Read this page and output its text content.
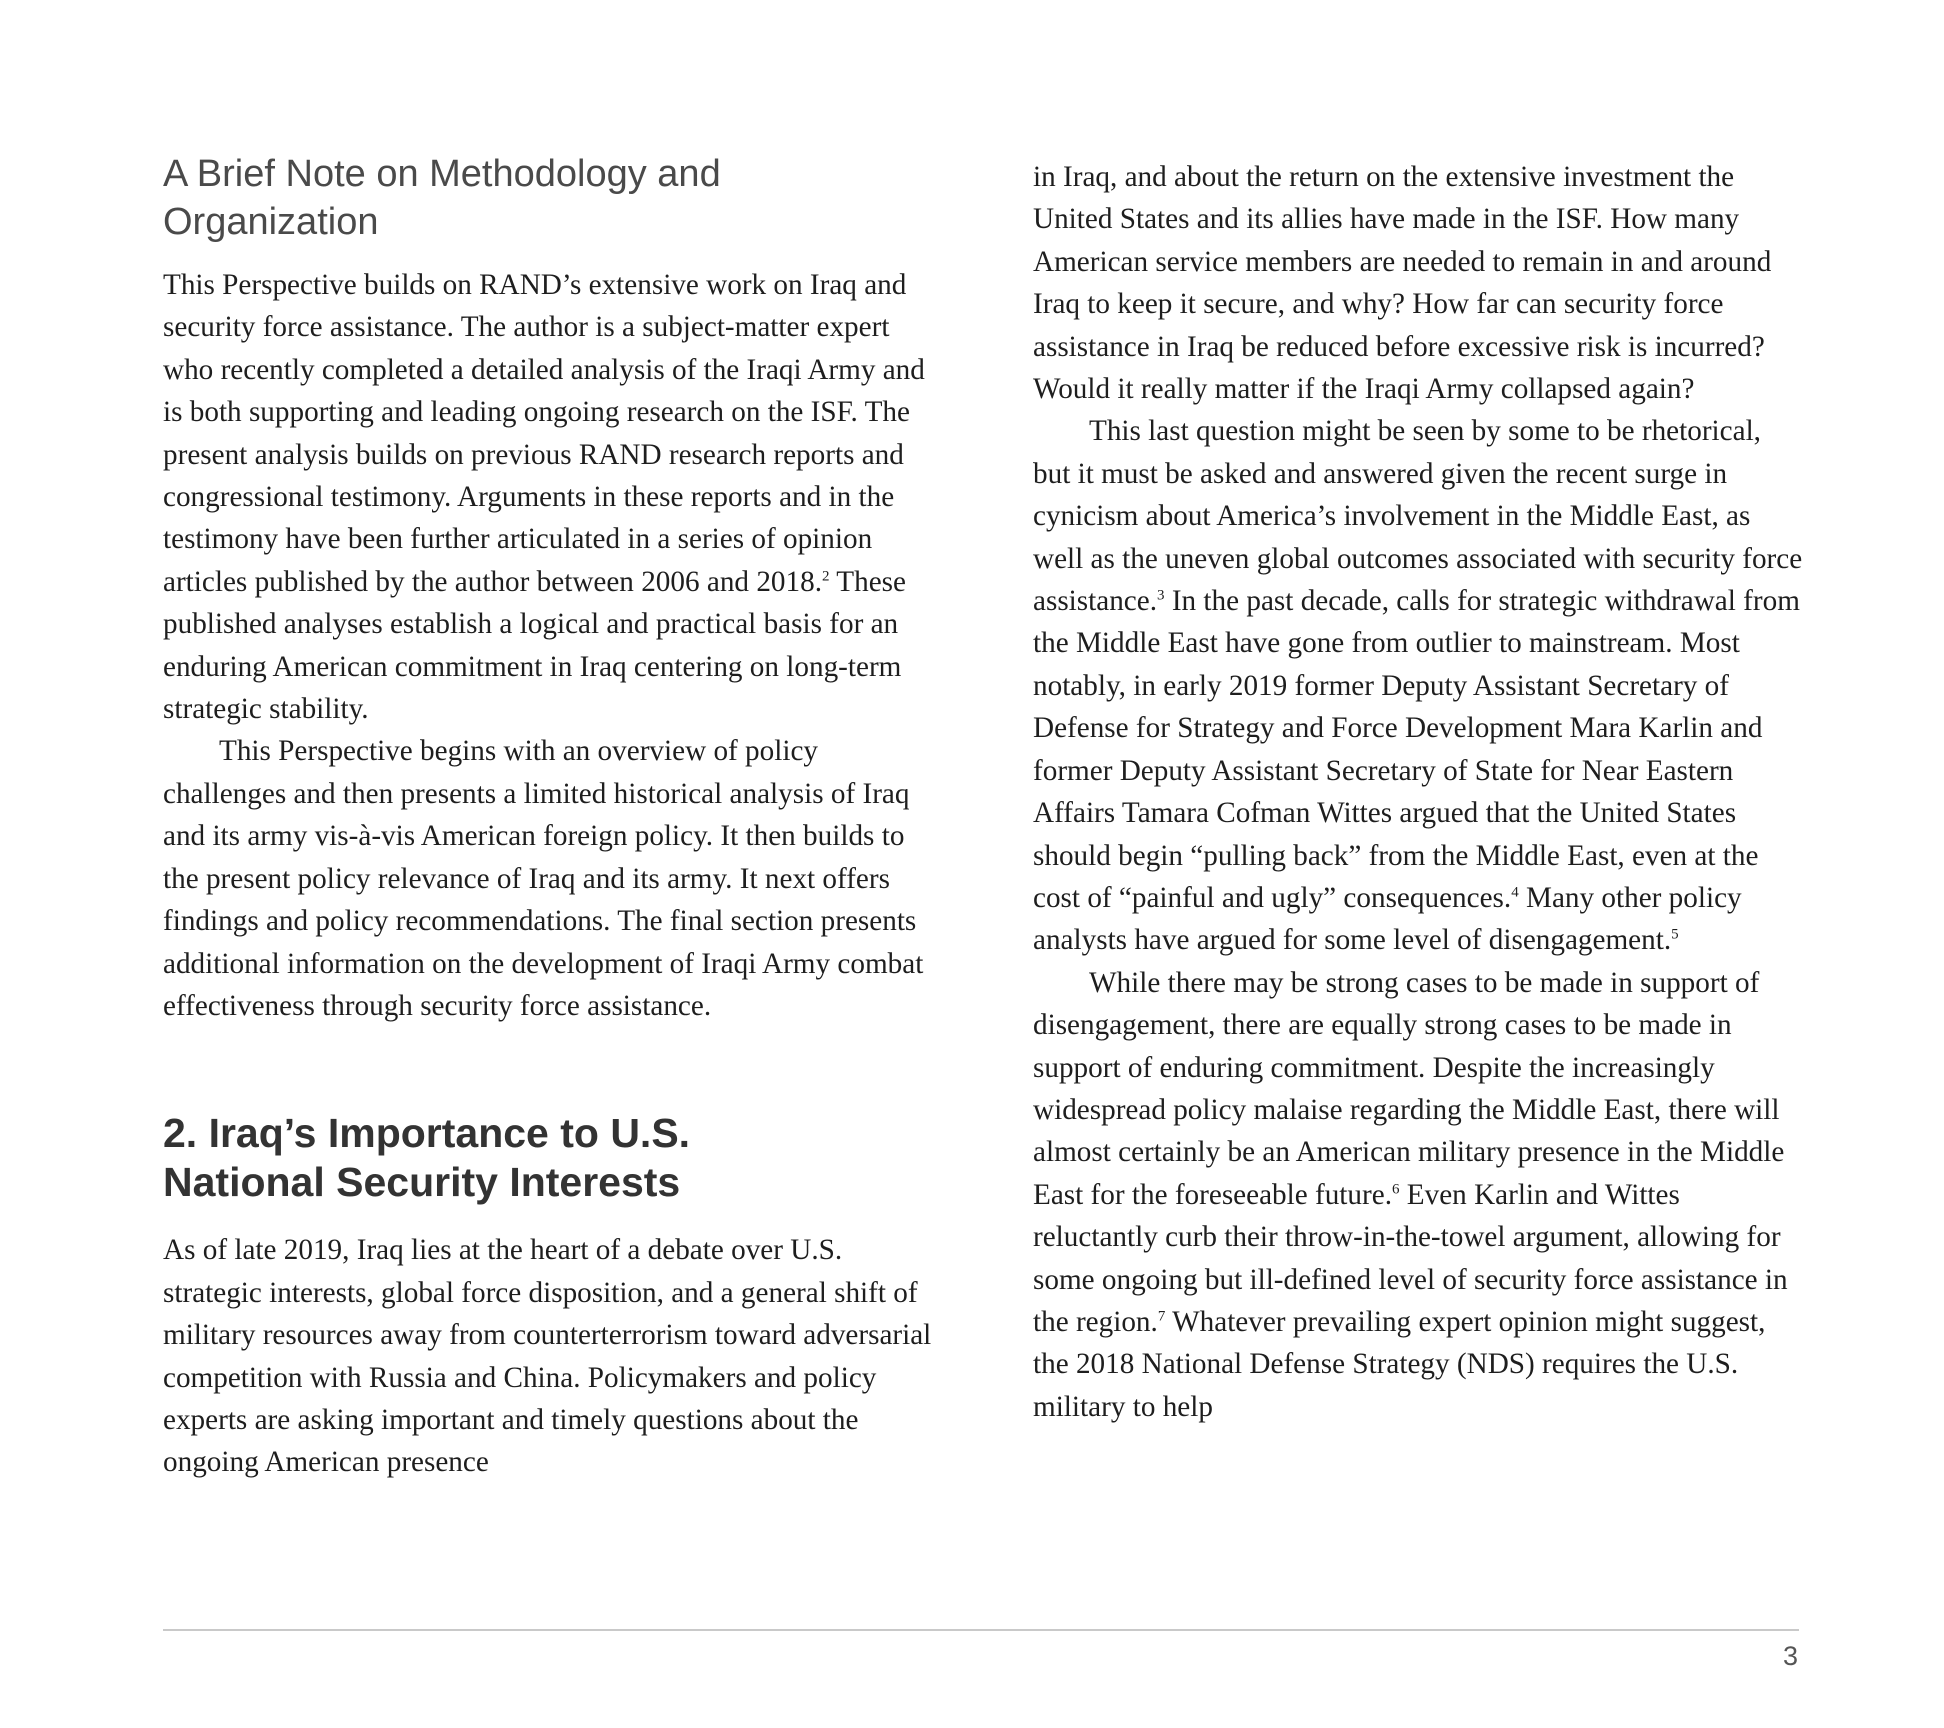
A Brief Note on Methodology and
Organization

This Perspective builds on RAND’s extensive work on Iraq and security force assistance. The author is a subject-matter expert who recently completed a detailed analysis of the Iraqi Army and is both supporting and leading ongoing research on the ISF. The present analysis builds on previous RAND research reports and congressional testimony. Arguments in these reports and in the testimony have been further articulated in a series of opinion articles published by the author between 2006 and 2018.$^2$ These published analyses establish a logical and practical basis for an enduring American commitment in Iraq centering on long-term strategic stability.

This Perspective begins with an overview of policy challenges and then presents a limited historical analysis of Iraq and its army vis-à-vis American foreign policy. It then builds to the present policy relevance of Iraq and its army. It next offers findings and policy recommendations. The final section presents additional information on the development of Iraqi Army combat effectiveness through security force assistance.

2. Iraq’s Importance to U.S.
National Security Interests

As of late 2019, Iraq lies at the heart of a debate over U.S. strategic interests, global force disposition, and a general shift of military resources away from counterterrorism toward adversarial competition with Russia and China. Policymakers and policy experts are asking important and timely questions about the ongoing American presence

in Iraq, and about the return on the extensive investment the United States and its allies have made in the ISF. How many American service members are needed to remain in and around Iraq to keep it secure, and why? How far can security force assistance in Iraq be reduced before excessive risk is incurred? Would it really matter if the Iraqi Army collapsed again?

This last question might be seen by some to be rhetorical, but it must be asked and answered given the recent surge in cynicism about America’s involvement in the Middle East, as well as the uneven global outcomes associated with security force assistance.$^3$ In the past decade, calls for strategic withdrawal from the Middle East have gone from outlier to mainstream. Most notably, in early 2019 former Deputy Assistant Secretary of Defense for Strategy and Force Development Mara Karlin and former Deputy Assistant Secretary of State for Near Eastern Affairs Tamara Cofman Wittes argued that the United States should begin “pulling back” from the Middle East, even at the cost of “painful and ugly” consequences.$^4$ Many other policy analysts have argued for some level of disengagement.$^5$

While there may be strong cases to be made in support of disengagement, there are equally strong cases to be made in support of enduring commitment. Despite the increasingly widespread policy malaise regarding the Middle East, there will almost certainly be an American military presence in the Middle East for the foreseeable future.$^6$ Even Karlin and Wittes reluctantly curb their throw-in-the-towel argument, allowing for some ongoing but ill-defined level of security force assistance in the region.$^7$ Whatever prevailing expert opinion might suggest, the 2018 National Defense Strategy (NDS) requires the U.S. military to help

3
